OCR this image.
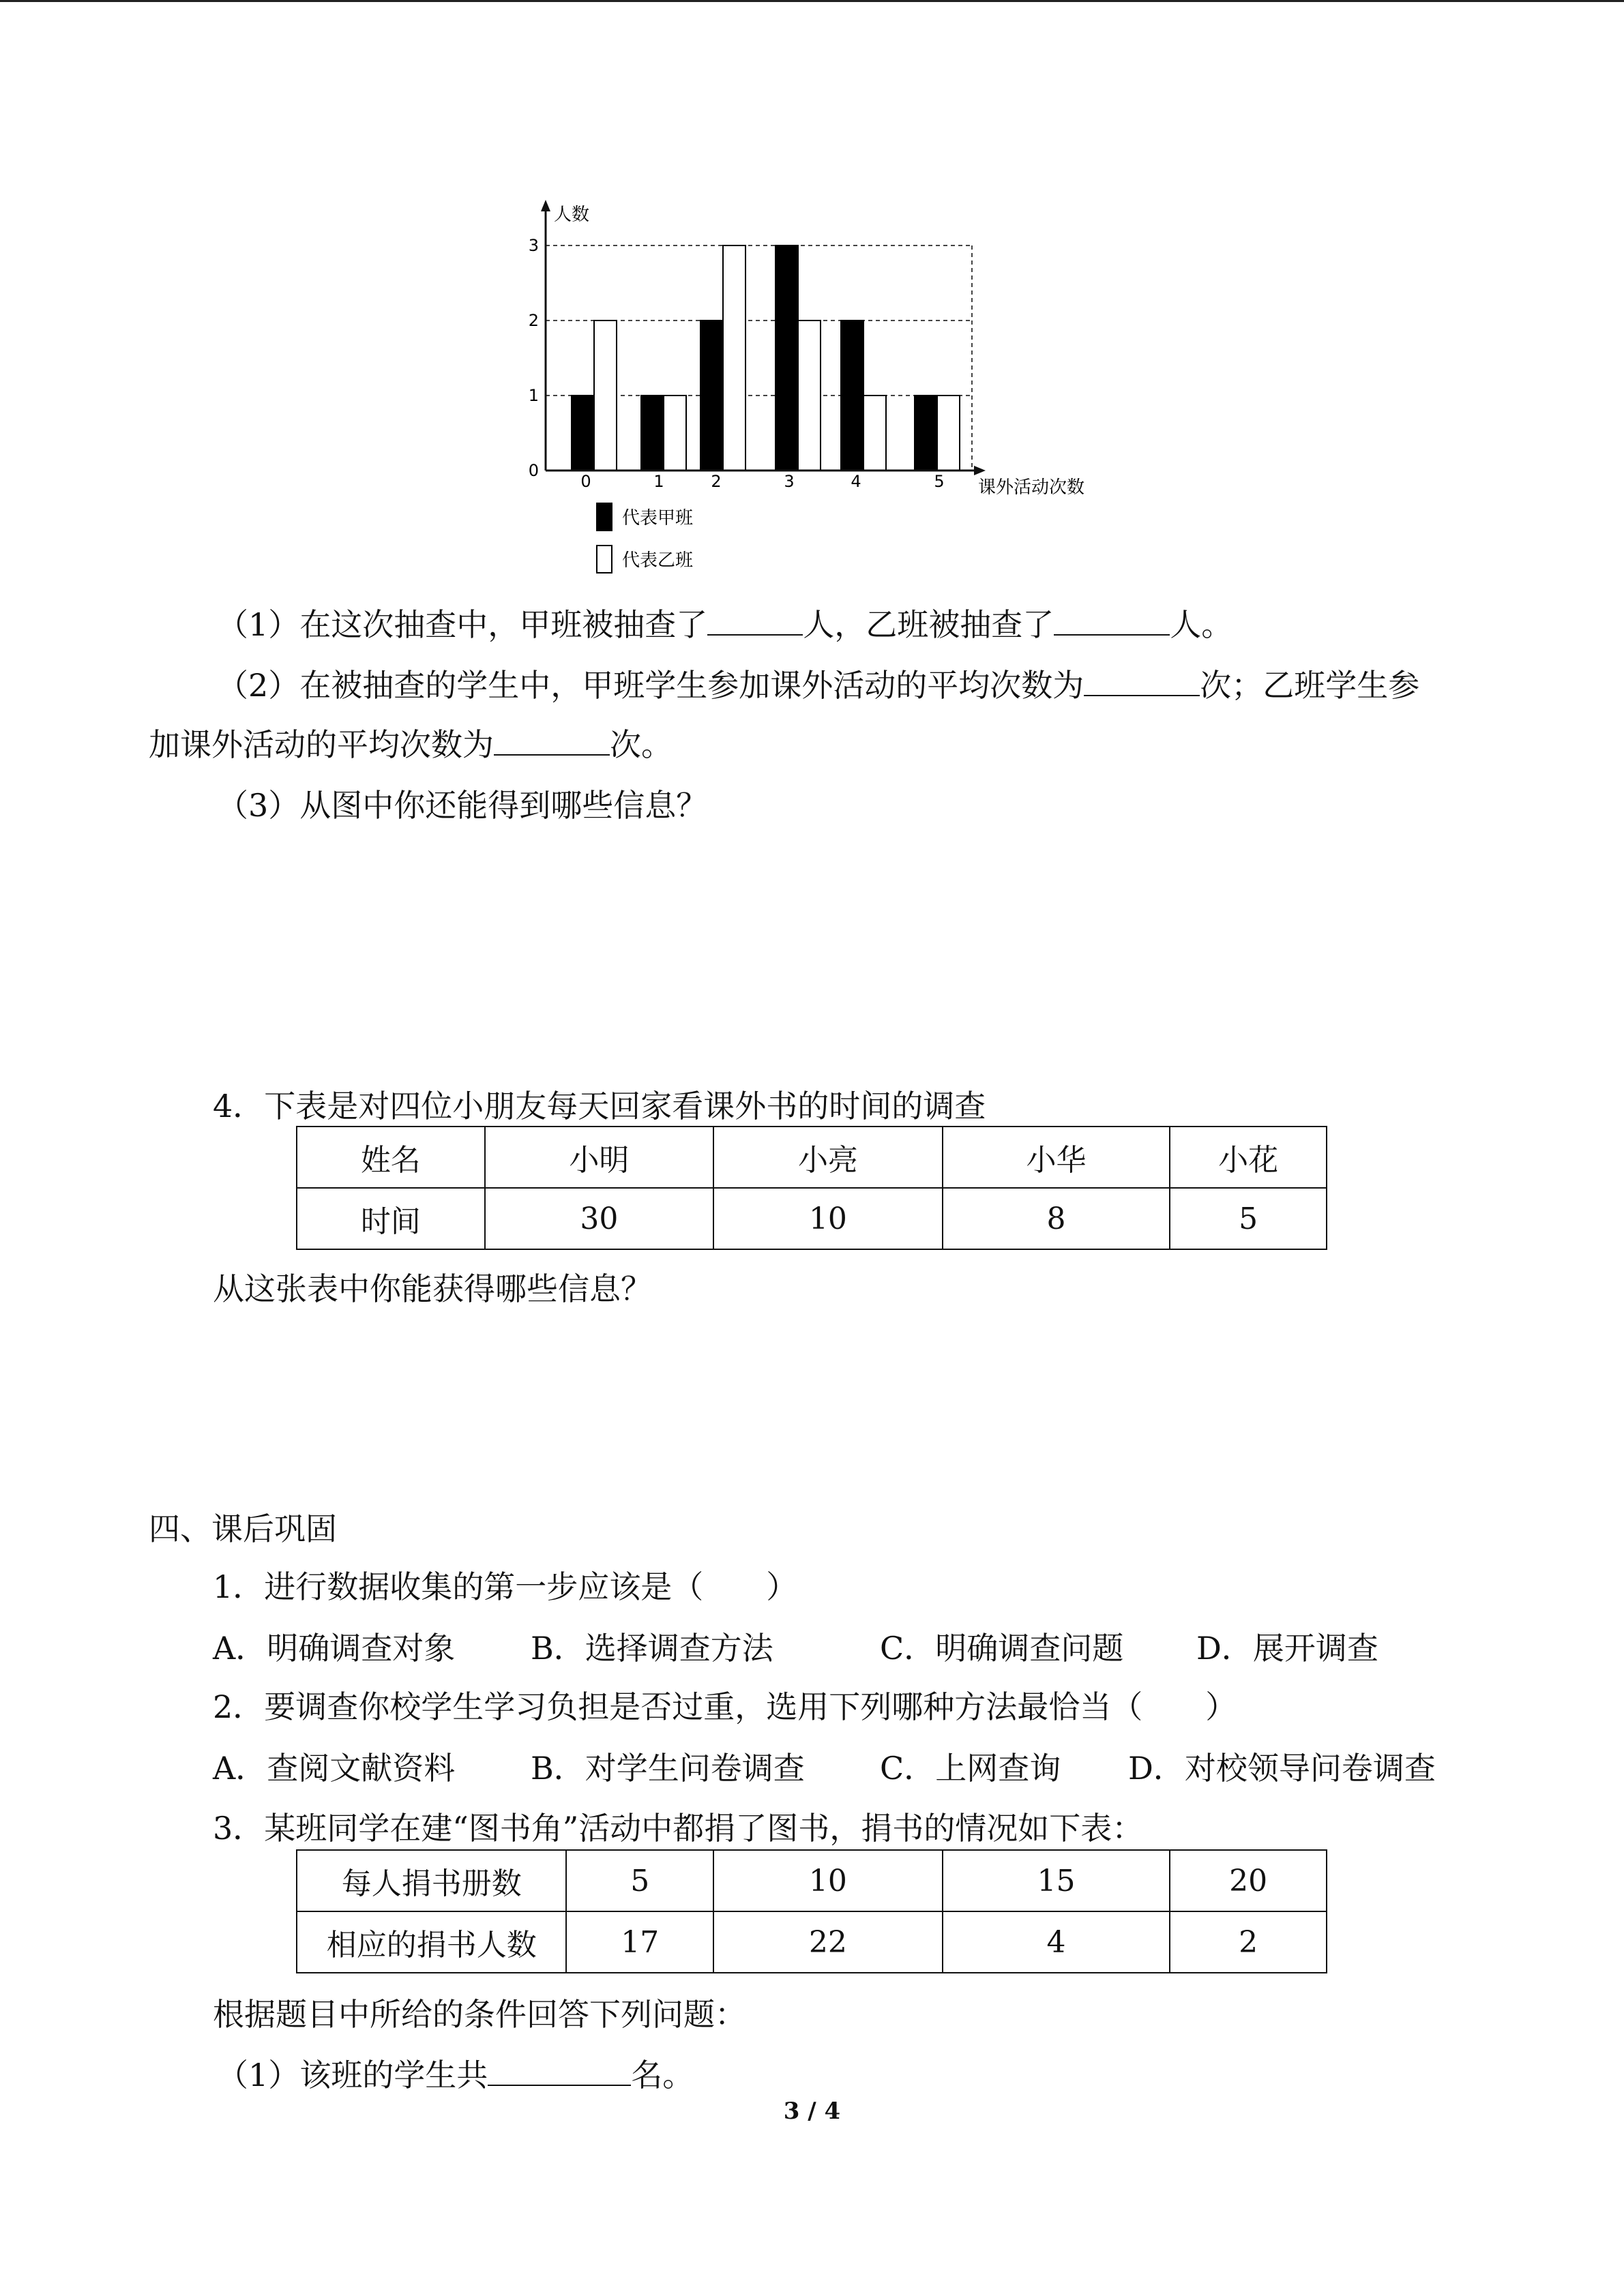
人数
课外活动次数
0	1	2	3	4	5
0
1
2
3
代表甲班
代表乙班
（1）在这次抽查中，甲班被抽查了	人，乙班被抽查了	人。
（2）在被抽查的学生中，甲班学生参加课外活动的平均次数为	次；乙班学生参
加课外活动的平均次数为	次。
（3）从图中你还能得到哪些信息？
4．下表是对四位小朋友每天回家看课外书的时间的调查
姓名	小明	小亮	小华	小花
时间	30	10	8	5
从这张表中你能获得哪些信息？
四、课后巩固
1．进行数据收集的第一步应该是（　　）
A．明确调查对象 B．选择调查方法	C．明确调查问题 D．展开调查
2．要调查你校学生学习负担是否过重，选用下列哪种方法最恰当（　　）
A．查阅文献资料 B．对学生问卷调查 C．上网查询 D．对校领导问卷调查
3．某班同学在建“图书角”活动中都捐了图书，捐书的情况如下表：
每人捐书册数	5	10	15	20
相应的捐书人数	17	22	4	2
根据题目中所给的条件回答下列问题：
（1）该班的学生共	名。
3 / 4
